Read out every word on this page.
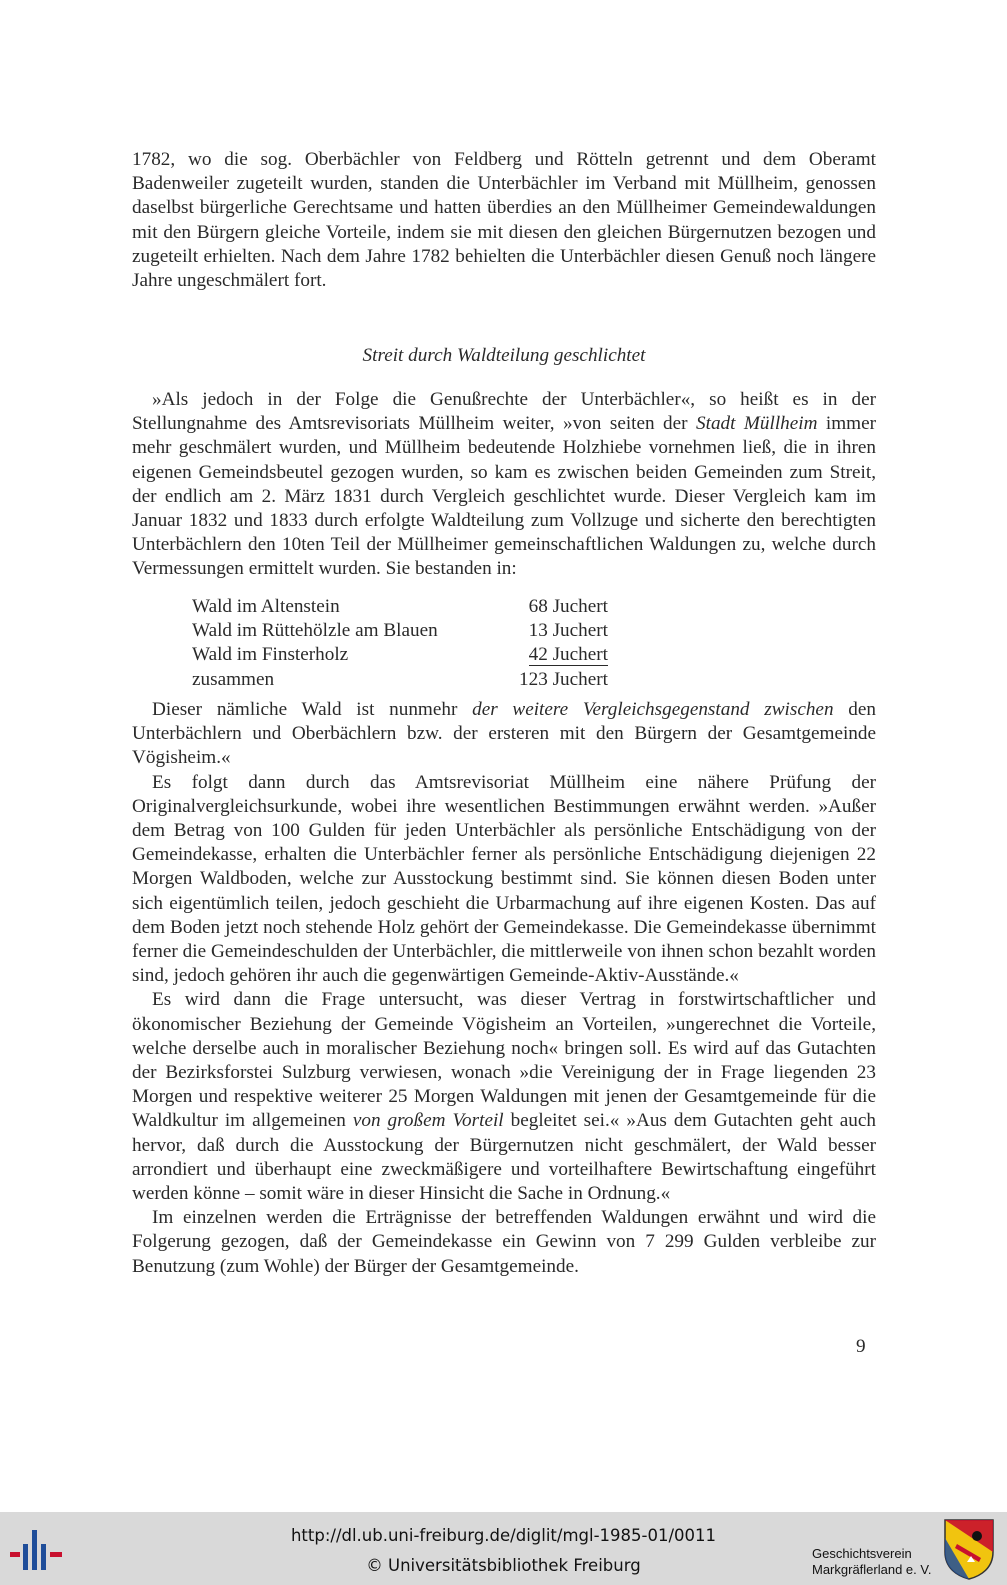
1782, wo die sog. Oberbächler von Feldberg und Rötteln getrennt und dem Oberamt Badenweiler zugeteilt wurden, standen die Unterbächler im Verband mit Müllheim, genossen daselbst bürgerliche Gerechtsame und hatten überdies an den Müllheimer Gemeindewaldungen mit den Bürgern gleiche Vorteile, indem sie mit diesen den gleichen Bürgernutzen bezogen und zugeteilt erhielten. Nach dem Jahre 1782 behielten die Unterbächler diesen Genuß noch längere Jahre ungeschmälert fort.

Streit durch Waldteilung geschlichtet

»Als jedoch in der Folge die Genußrechte der Unterbächler«, so heißt es in der Stellungnahme des Amtsrevisoriats Müllheim weiter, »von seiten der Stadt Müllheim immer mehr geschmälert wurden, und Müllheim bedeutende Holzhiebe vornehmen ließ, die in ihren eigenen Gemeindsbeutel gezogen wurden, so kam es zwischen beiden Gemeinden zum Streit, der endlich am 2. März 1831 durch Vergleich geschlichtet wurde. Dieser Vergleich kam im Januar 1832 und 1833 durch erfolgte Waldteilung zum Vollzuge und sicherte den berechtigten Unterbächlern den 10ten Teil der Müllheimer gemeinschaftlichen Waldungen zu, welche durch Vermessungen ermittelt wurden. Sie bestanden in:

Wald im Altenstein	68 Juchert
Wald im Rüttehölzle am Blauen	13 Juchert
Wald im Finsterholz	42 Juchert
zusammen	123 Juchert

Dieser nämliche Wald ist nunmehr der weitere Vergleichsgegenstand zwischen den Unterbächlern und Oberbächlern bzw. der ersteren mit den Bürgern der Gesamtgemeinde Vögisheim.«

Es folgt dann durch das Amtsrevisoriat Müllheim eine nähere Prüfung der Originalvergleichsurkunde, wobei ihre wesentlichen Bestimmungen erwähnt werden. »Außer dem Betrag von 100 Gulden für jeden Unterbächler als persönliche Entschädigung von der Gemeindekasse, erhalten die Unterbächler ferner als persönliche Entschädigung diejenigen 22 Morgen Waldboden, welche zur Ausstockung bestimmt sind. Sie können diesen Boden unter sich eigentümlich teilen, jedoch geschieht die Urbarmachung auf ihre eigenen Kosten. Das auf dem Boden jetzt noch stehende Holz gehört der Gemeindekasse. Die Gemeindekasse übernimmt ferner die Gemeindeschulden der Unterbächler, die mittlerweile von ihnen schon bezahlt worden sind, jedoch gehören ihr auch die gegenwärtigen Gemeinde-Aktiv-Ausstände.«

Es wird dann die Frage untersucht, was dieser Vertrag in forstwirtschaftlicher und ökonomischer Beziehung der Gemeinde Vögisheim an Vorteilen, »ungerechnet die Vorteile, welche derselbe auch in moralischer Beziehung noch« bringen soll. Es wird auf das Gutachten der Bezirksforstei Sulzburg verwiesen, wonach »die Vereinigung der in Frage liegenden 23 Morgen und respektive weiterer 25 Morgen Waldungen mit jenen der Gesamtgemeinde für die Waldkultur im allgemeinen von großem Vorteil begleitet sei.« »Aus dem Gutachten geht auch hervor, daß durch die Ausstockung der Bürgernutzen nicht geschmälert, der Wald besser arrondiert und überhaupt eine zweckmäßigere und vorteilhaftere Bewirtschaftung eingeführt werden könne – somit wäre in dieser Hinsicht die Sache in Ordnung.«

Im einzelnen werden die Erträgnisse der betreffenden Waldungen erwähnt und wird die Folgerung gezogen, daß der Gemeindekasse ein Gewinn von 7 299 Gulden verbleibe zur Benutzung (zum Wohle) der Bürger der Gesamtgemeinde.

9
http://dl.ub.uni-freiburg.de/diglit/mgl-1985-01/0011
© Universitätsbibliothek Freiburg
Geschichtsverein
Markgräflerland e. V.
